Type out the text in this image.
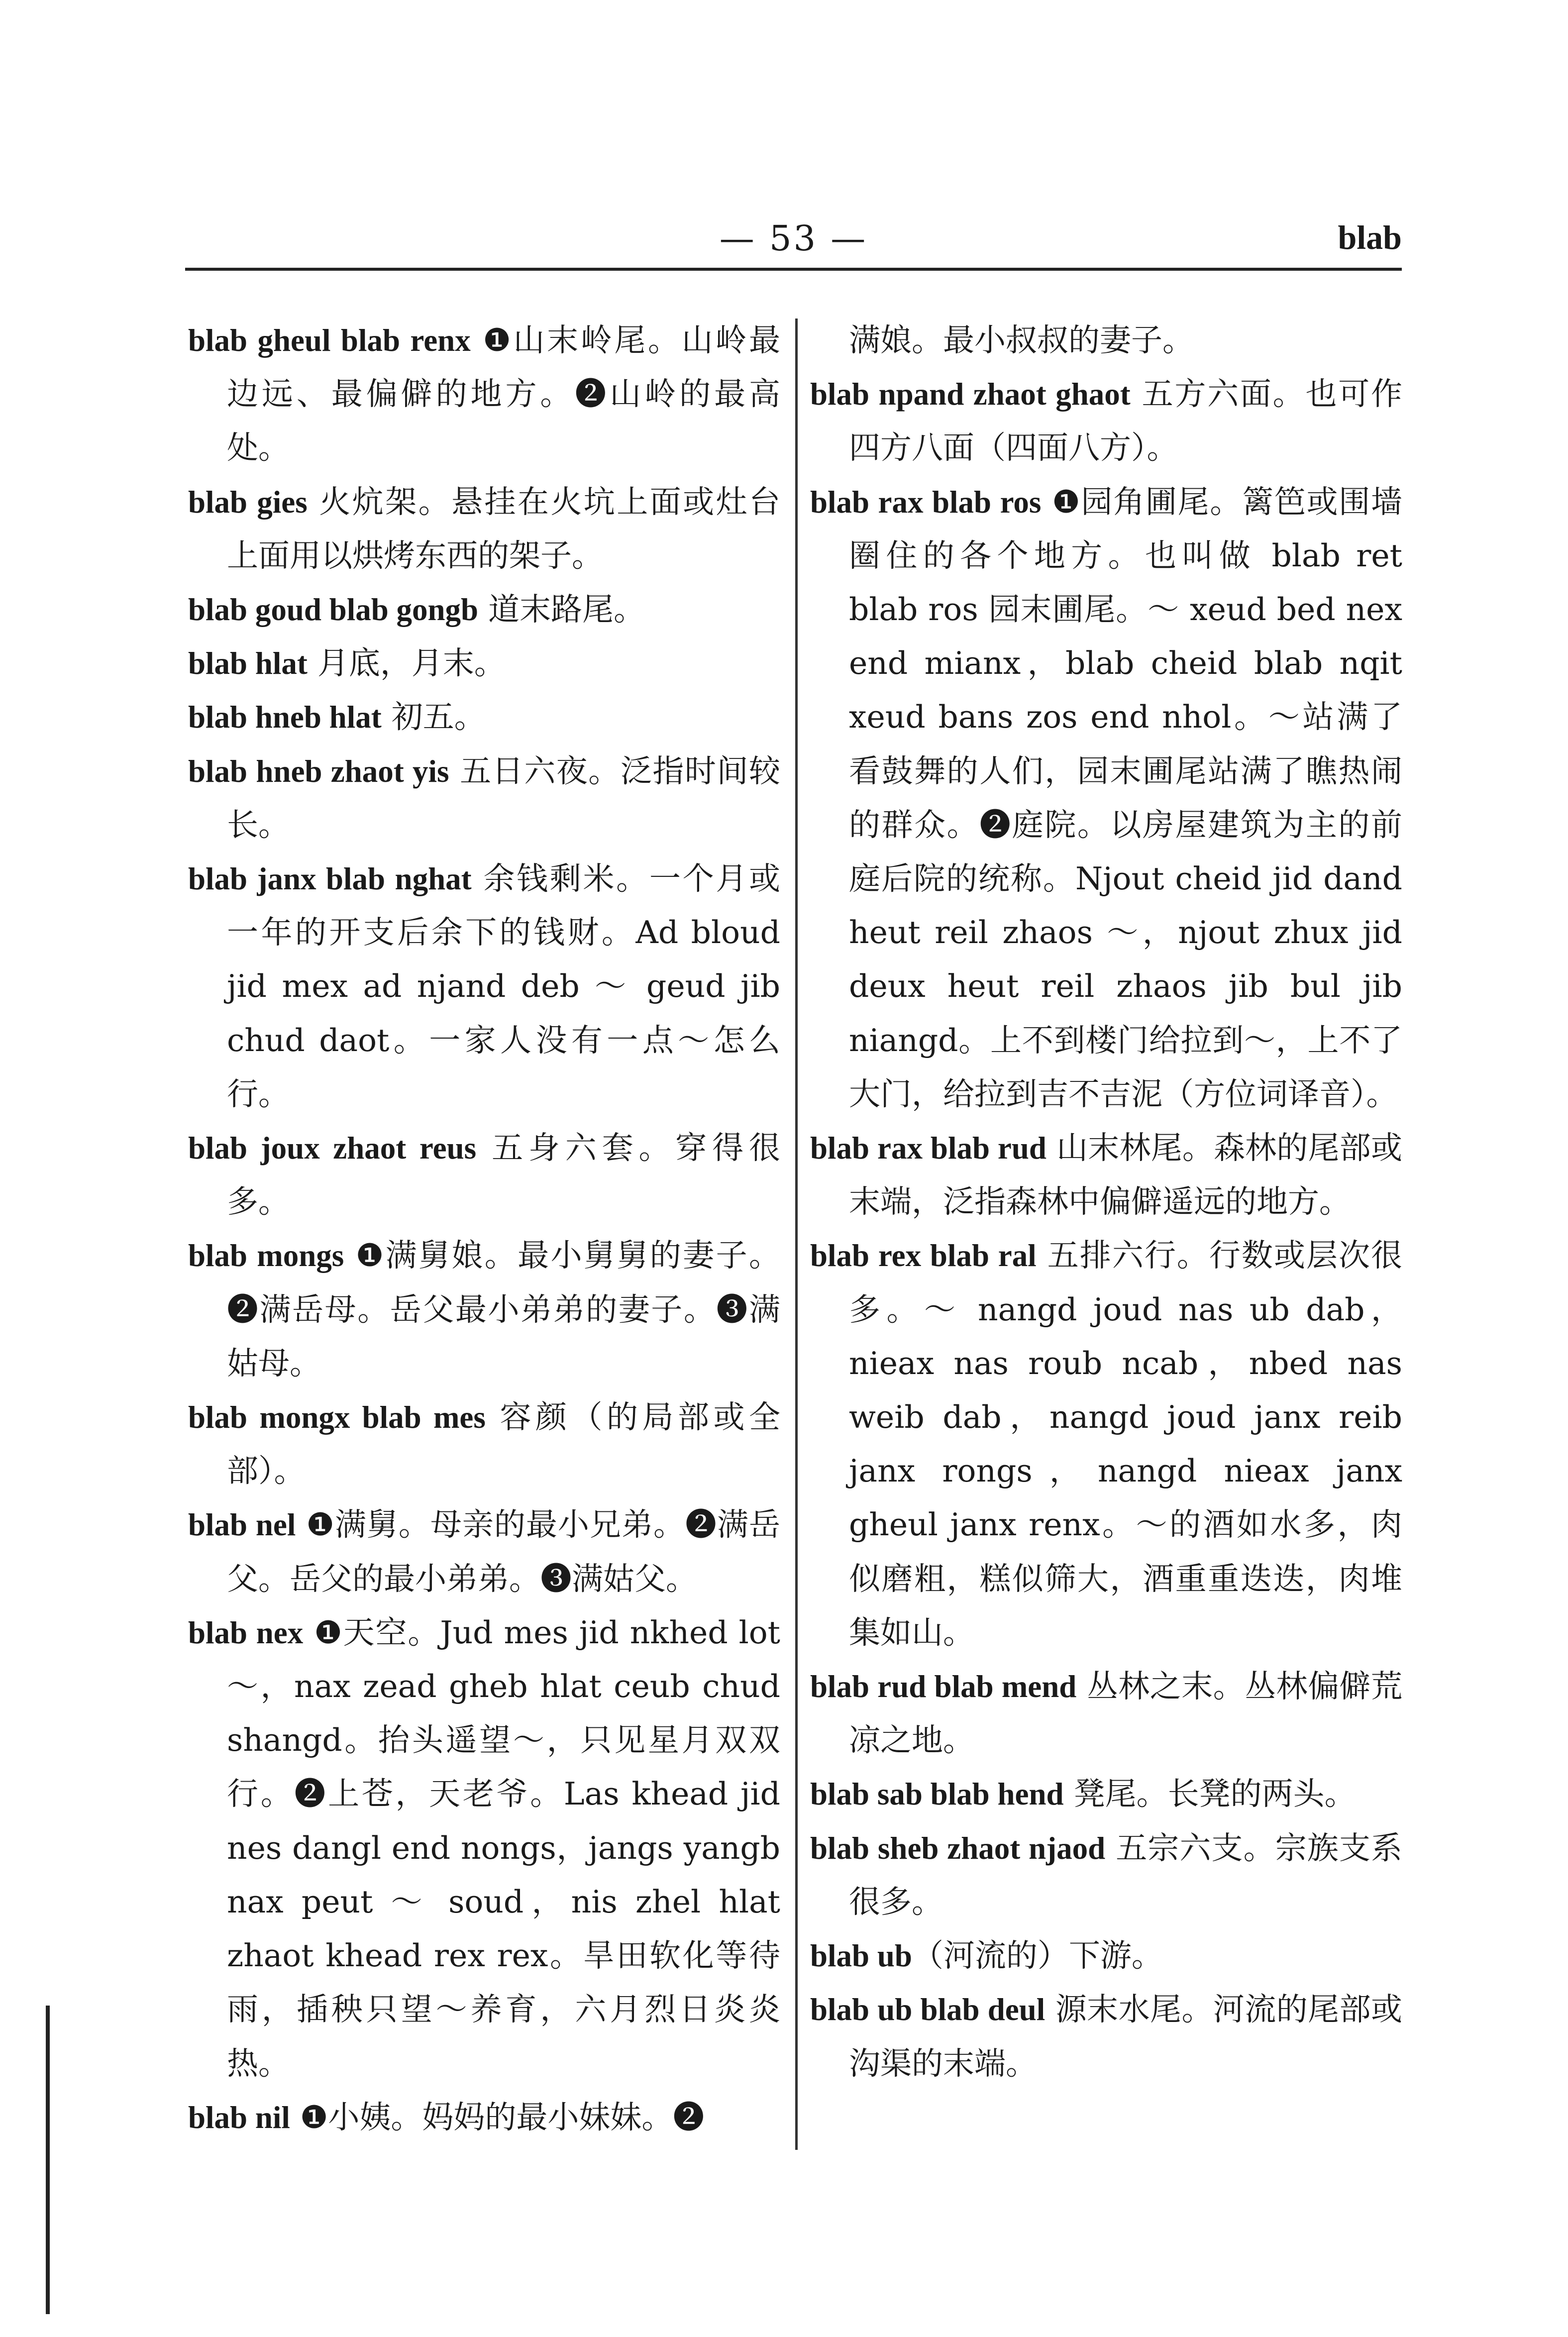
— 53 —	blab

blab gheul blab renx ❶山末岭尾。山岭最边远、最偏僻的地方。❷山岭的最高处。

blab gies 火炕架。悬挂在火坑上面或灶台上面用以烘烤东西的架子。

blab goud blab gongb 道末路尾。

blab hlat 月底，月末。

blab hneb hlat 初五。

blab hneb zhaot yis 五日六夜。泛指时间较长。

blab janx blab nghat 余钱剩米。一个月或一年的开支后余下的钱财。Ad bloud jid mex ad njand deb ～ geud jib chud daot。一家人没有一点～怎么行。

blab joux zhaot reus 五身六套。穿得很多。

blab mongs ❶满舅娘。最小舅舅的妻子。❷满岳母。岳父最小弟弟的妻子。❸满姑母。

blab mongx blab mes 容颜（的局部或全部）。

blab nel ❶满舅。母亲的最小兄弟。❷满岳父。岳父的最小弟弟。❸满姑父。

blab nex ❶天空。Jud mes jid nkhed lot ～，nax zead gheb hlat ceub chud shangd。抬头遥望～，只见星月双双行。❷上苍，天老爷。Las khead jid nes dangl end nongs，jangs yangb nax peut ～ soud，nis zhel hlat zhaot khead rex rex。旱田软化等待雨，插秧只望～养育，六月烈日炎炎热。

blab nil ❶小姨。妈妈的最小妹妹。❷

满娘。最小叔叔的妻子。

blab npand zhaot ghaot 五方六面。也可作四方八面（四面八方）。

blab rax blab ros ❶园角圃尾。篱笆或围墙圈住的各个地方。也叫做 blab ret blab ros 园末圃尾。～ xeud bed nex end mianx，blab cheid blab nqit xeud bans zos end nhol。～站满了看鼓舞的人们，园末圃尾站满了瞧热闹的群众。❷庭院。以房屋建筑为主的前庭后院的统称。Njout cheid jid dand heut reil zhaos ～，njout zhux jid deux heut reil zhaos jib bul jib niangd。上不到楼门给拉到～，上不了大门，给拉到吉不吉泥（方位词译音）。

blab rax blab rud 山末林尾。森林的尾部或末端，泛指森林中偏僻遥远的地方。

blab rex blab ral 五排六行。行数或层次很多。～ nangd joud nas ub dab，nieax nas roub ncab，nbed nas weib dab，nangd joud janx reib janx rongs，nangd nieax janx gheul janx renx。～的酒如水多，肉似磨粗，糕似筛大，酒重重迭迭，肉堆集如山。

blab rud blab mend 丛林之末。丛林偏僻荒凉之地。

blab sab blab hend 凳尾。长凳的两头。

blab sheb zhaot njaod 五宗六支。宗族支系很多。

blab ub（河流的）下游。

blab ub blab deul 源末水尾。河流的尾部或沟渠的末端。
